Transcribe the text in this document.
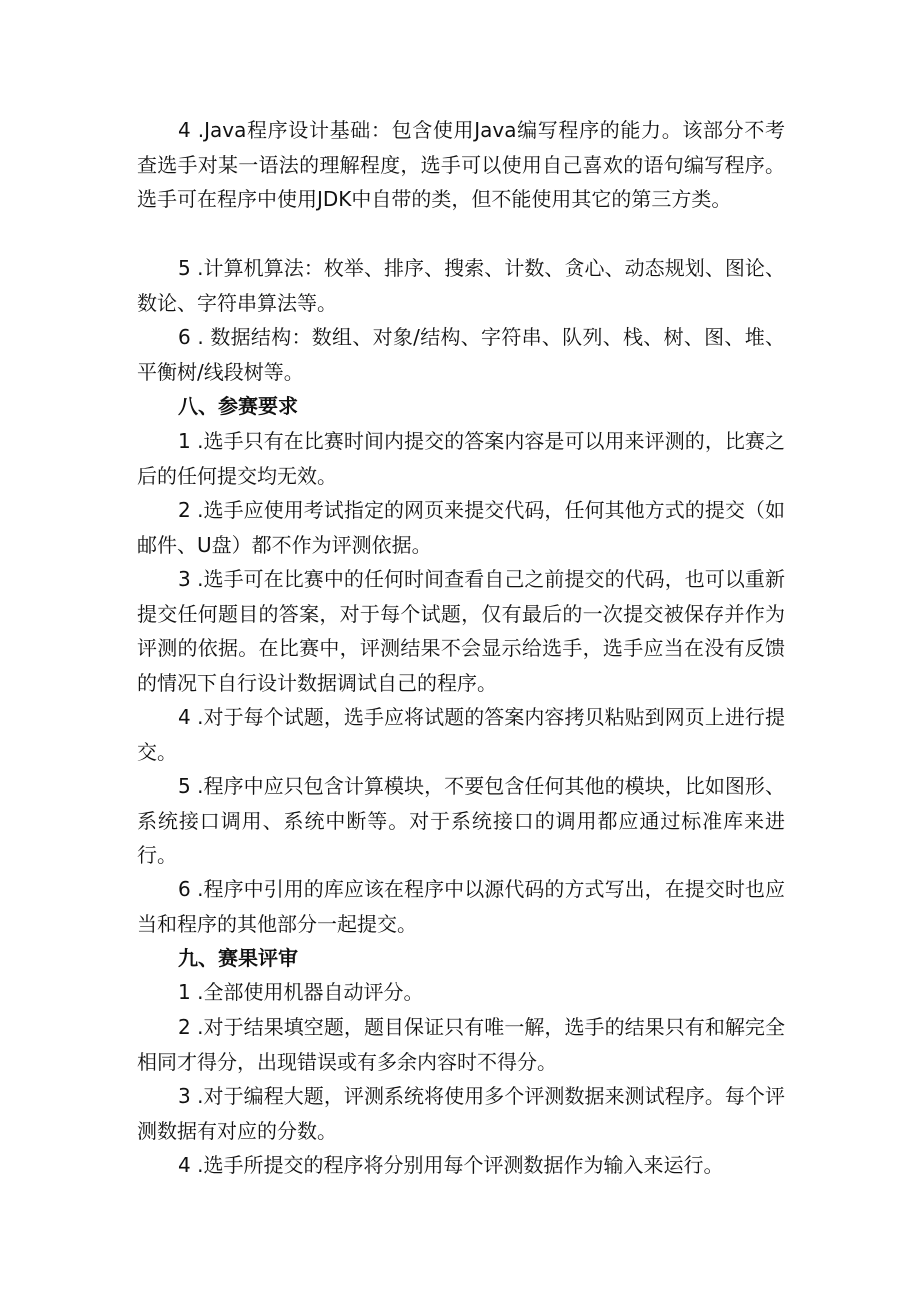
4 .Java程序设计基础：包含使用Java编写程序的能力。该部分不考查选手对某一语法的理解程度，选手可以使用自己喜欢的语句编写程序。选手可在程序中使用JDK中自带的类，但不能使用其它的第三方类。

5 .计算机算法：枚举、排序、搜索、计数、贪心、动态规划、图论、数论、字符串算法等。

6 . 数据结构：数组、对象/结构、字符串、队列、栈、树、图、堆、平衡树/线段树等。

八、参赛要求

1 .选手只有在比赛时间内提交的答案内容是可以用来评测的，比赛之后的任何提交均无效。

2 .选手应使用考试指定的网页来提交代码，任何其他方式的提交（如邮件、U盘）都不作为评测依据。

3 .选手可在比赛中的任何时间查看自己之前提交的代码，也可以重新提交任何题目的答案，对于每个试题，仅有最后的一次提交被保存并作为评测的依据。在比赛中，评测结果不会显示给选手，选手应当在没有反馈的情况下自行设计数据调试自己的程序。

4 .对于每个试题，选手应将试题的答案内容拷贝粘贴到网页上进行提交。

5 .程序中应只包含计算模块，不要包含任何其他的模块，比如图形、系统接口调用、系统中断等。对于系统接口的调用都应通过标准库来进行。

6 .程序中引用的库应该在程序中以源代码的方式写出，在提交时也应当和程序的其他部分一起提交。

九、赛果评审

1 .全部使用机器自动评分。

2 .对于结果填空题，题目保证只有唯一解，选手的结果只有和解完全相同才得分，出现错误或有多余内容时不得分。

3 .对于编程大题，评测系统将使用多个评测数据来测试程序。每个评测数据有对应的分数。

4 .选手所提交的程序将分别用每个评测数据作为输入来运行。
